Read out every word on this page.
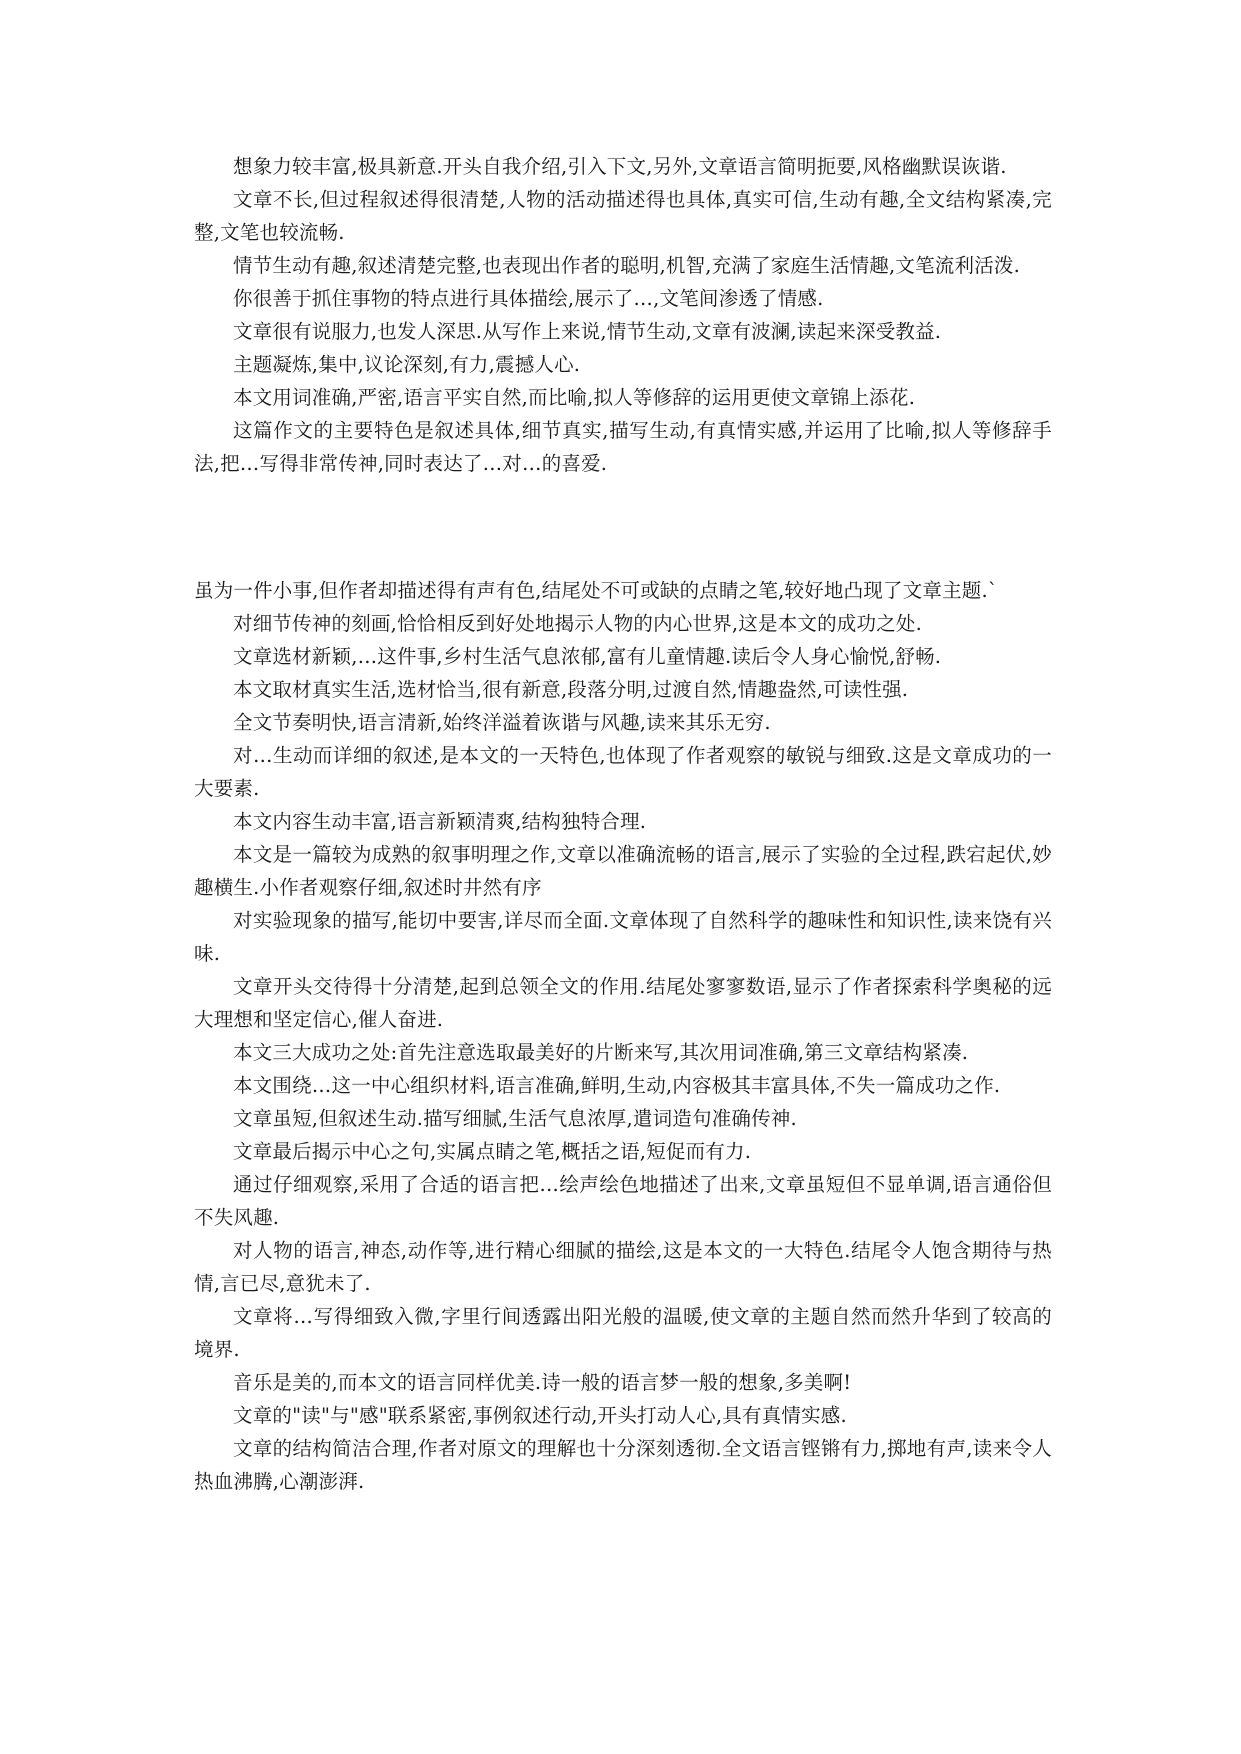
想象力较丰富,极具新意.开头自我介绍,引入下文,另外,文章语言简明扼要,风格幽默误诙谐.

文章不长,但过程叙述得很清楚,人物的活动描述得也具体,真实可信,生动有趣,全文结构紧凑,完整,文笔也较流畅.

情节生动有趣,叙述清楚完整,也表现出作者的聪明,机智,充满了家庭生活情趣,文笔流利活泼.

你很善于抓住事物的特点进行具体描绘,展示了…,文笔间渗透了情感.

文章很有说服力,也发人深思.从写作上来说,情节生动,文章有波澜,读起来深受教益.

主题凝炼,集中,议论深刻,有力,震撼人心.

本文用词准确,严密,语言平实自然,而比喻,拟人等修辞的运用更使文章锦上添花.

这篇作文的主要特色是叙述具体,细节真实,描写生动,有真情实感,并运用了比喻,拟人等修辞手法,把…写得非常传神,同时表达了…对…的喜爱.

虽为一件小事,但作者却描述得有声有色,结尾处不可或缺的点睛之笔,较好地凸现了文章主题.`

对细节传神的刻画,恰恰相反到好处地揭示人物的内心世界,这是本文的成功之处.

文章选材新颖,…这件事,乡村生活气息浓郁,富有儿童情趣.读后令人身心愉悦,舒畅.

本文取材真实生活,选材恰当,很有新意,段落分明,过渡自然,情趣盎然,可读性强.

全文节奏明快,语言清新,始终洋溢着诙谐与风趣,读来其乐无穷.

对…生动而详细的叙述,是本文的一天特色,也体现了作者观察的敏锐与细致.这是文章成功的一大要素.

本文内容生动丰富,语言新颖清爽,结构独特合理.

本文是一篇较为成熟的叙事明理之作,文章以准确流畅的语言,展示了实验的全过程,跌宕起伏,妙趣横生.小作者观察仔细,叙述时井然有序

对实验现象的描写,能切中要害,详尽而全面.文章体现了自然科学的趣味性和知识性,读来饶有兴味.

文章开头交待得十分清楚,起到总领全文的作用.结尾处寥寥数语,显示了作者探索科学奥秘的远大理想和坚定信心,催人奋进.

本文三大成功之处:首先注意选取最美好的片断来写,其次用词准确,第三文章结构紧凑.

本文围绕…这一中心组织材料,语言准确,鲜明,生动,内容极其丰富具体,不失一篇成功之作.

文章虽短,但叙述生动.描写细腻,生活气息浓厚,遣词造句准确传神.

文章最后揭示中心之句,实属点睛之笔,概括之语,短促而有力.

通过仔细观察,采用了合适的语言把…绘声绘色地描述了出来,文章虽短但不显单调,语言通俗但不失风趣.

对人物的语言,神态,动作等,进行精心细腻的描绘,这是本文的一大特色.结尾令人饱含期待与热情,言已尽,意犹未了.

文章将…写得细致入微,字里行间透露出阳光般的温暖,使文章的主题自然而然升华到了较高的境界.

音乐是美的,而本文的语言同样优美.诗一般的语言梦一般的想象,多美啊!

文章的"读"与"感"联系紧密,事例叙述行动,开头打动人心,具有真情实感.

文章的结构简洁合理,作者对原文的理解也十分深刻透彻.全文语言铿锵有力,掷地有声,读来令人热血沸腾,心潮澎湃.
